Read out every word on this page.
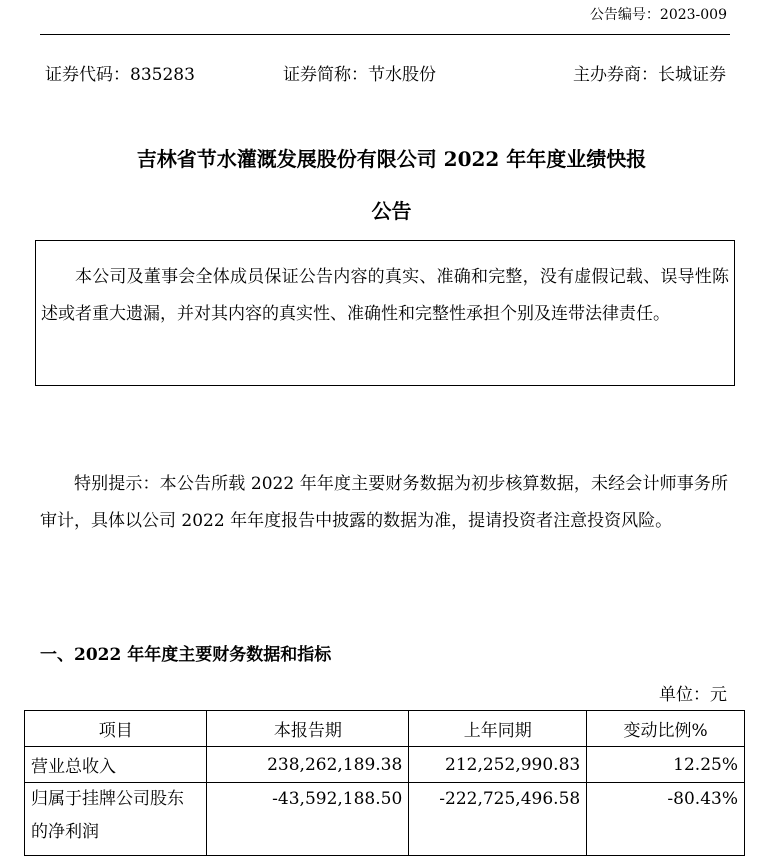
公告编号：2023-009
证券代码：835283	证券简称：节水股份	主办券商：长城证券
吉林省节水灌溉发展股份有限公司 2022 年年度业绩快报
公告
本公司及董事会全体成员保证公告内容的真实、准确和完整，没有虚假记载、误导性陈述或者重大遗漏，并对其内容的真实性、准确性和完整性承担个别及连带法律责任。
特别提示：本公告所载 2022 年年度主要财务数据为初步核算数据，未经会计师事务所审计，具体以公司 2022 年年度报告中披露的数据为准，提请投资者注意投资风险。
一、2022 年年度主要财务数据和指标
单位：元
项目	本报告期	上年同期	变动比例%
营业总收入	238,262,189.38	212,252,990.83	12.25%
归属于挂牌公司股东的净利润	-43,592,188.50	-222,725,496.58	-80.43%
